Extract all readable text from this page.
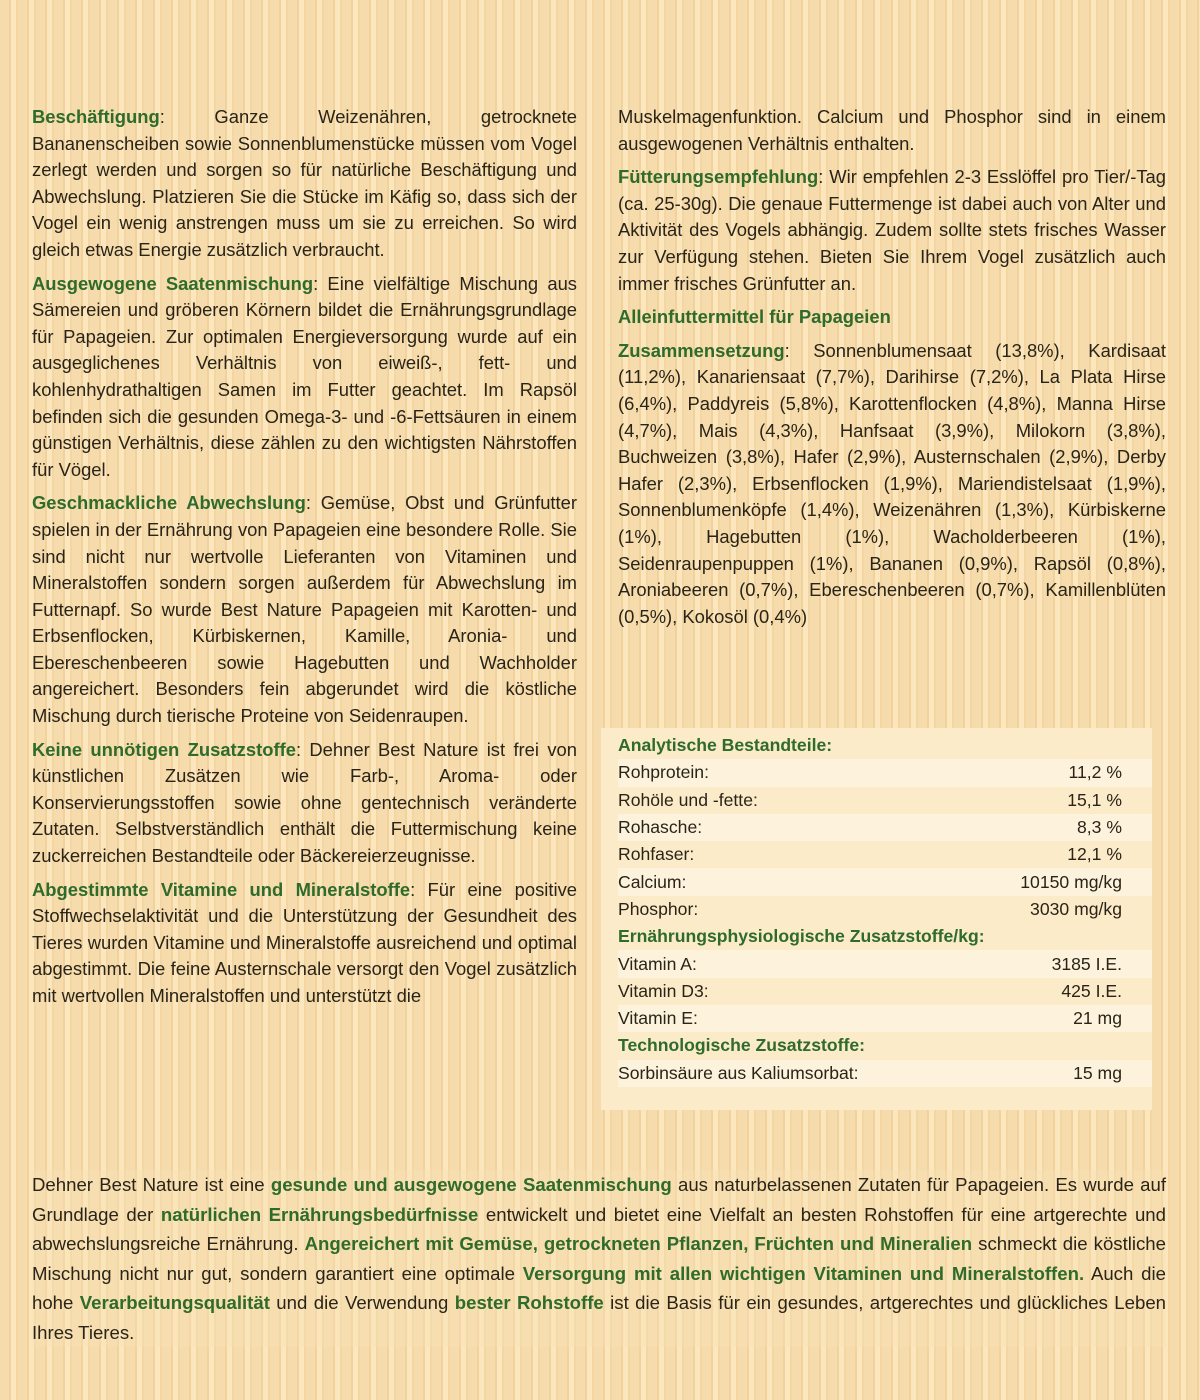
Beschäftigung: Ganze Weizenähren, getrocknete Bananenscheiben sowie Sonnenblumenstücke müssen vom Vogel zerlegt werden und sorgen so für natürliche Beschäftigung und Abwechslung. Platzieren Sie die Stücke im Käfig so, dass sich der Vogel ein wenig anstrengen muss um sie zu erreichen. So wird gleich etwas Energie zusätzlich verbraucht.

Ausgewogene Saatenmischung: Eine vielfältige Mischung aus Sämereien und gröberen Körnern bildet die Ernährungsgrundlage für Papageien. Zur optimalen Energieversorgung wurde auf ein ausgeglichenes Verhältnis von eiweiß-, fett- und kohlenhydrathaltigen Samen im Futter geachtet. Im Rapsöl befinden sich die gesunden Omega-3- und -6-Fettsäuren in einem günstigen Verhältnis, diese zählen zu den wichtigsten Nährstoffen für Vögel.

Geschmackliche Abwechslung: Gemüse, Obst und Grünfutter spielen in der Ernährung von Papageien eine besondere Rolle. Sie sind nicht nur wertvolle Lieferanten von Vitaminen und Mineralstoffen sondern sorgen außerdem für Abwechslung im Futternapf. So wurde Best Nature Papageien mit Karotten- und Erbsenflocken, Kürbiskernen, Kamille, Aronia- und Ebereschenbeeren sowie Hagebutten und Wachholder angereichert. Besonders fein abgerundet wird die köstliche Mischung durch tierische Proteine von Seidenraupen.

Keine unnötigen Zusatzstoffe: Dehner Best Nature ist frei von künstlichen Zusätzen wie Farb-, Aroma- oder Konservierungsstoffen sowie ohne gentechnisch veränderte Zutaten. Selbstverständlich enthält die Futtermischung keine zuckerreichen Bestandteile oder Bäckereierzeugnisse.

Abgestimmte Vitamine und Mineralstoffe: Für eine positive Stoffwechselaktivität und die Unterstützung der Gesundheit des Tieres wurden Vitamine und Mineralstoffe ausreichend und optimal abgestimmt. Die feine Austernschale versorgt den Vogel zusätzlich mit wertvollen Mineralstoffen und unterstützt die

Muskelmagenfunktion. Calcium und Phosphor sind in einem ausgewogenen Verhältnis enthalten.

Fütterungsempfehlung: Wir empfehlen 2-3 Esslöffel pro Tier/-Tag (ca. 25-30g). Die genaue Futtermenge ist dabei auch von Alter und Aktivität des Vogels abhängig. Zudem sollte stets frisches Wasser zur Verfügung stehen. Bieten Sie Ihrem Vogel zusätzlich auch immer frisches Grünfutter an.

Alleinfuttermittel für Papageien

Zusammensetzung: Sonnenblumensaat (13,8%), Kardisaat (11,2%), Kanariensaat (7,7%), Darihirse (7,2%), La Plata Hirse (6,4%), Paddyreis (5,8%), Karottenflocken (4,8%), Manna Hirse (4,7%), Mais (4,3%), Hanfsaat (3,9%), Milokorn (3,8%), Buchweizen (3,8%), Hafer (2,9%), Austernschalen (2,9%), Derby Hafer (2,3%), Erbsenflocken (1,9%), Mariendistelsaat (1,9%), Sonnenblumenköpfe (1,4%), Weizenähren (1,3%), Kürbiskerne (1%), Hagebutten (1%), Wacholderbeeren (1%), Seidenraupenpuppen (1%), Bananen (0,9%), Rapsöl (0,8%), Aroniabeeren (0,7%), Ebereschenbeeren (0,7%), Kamillenblüten (0,5%), Kokosöl (0,4%)

Analytische Bestandteile:	
Rohprotein:	11,2 %
Rohöle und -fette:	15,1 %
Rohasche:	8,3 %
Rohfaser:	12,1 %
Calcium:	10150 mg/kg
Phosphor:	3030 mg/kg
Ernährungsphysiologische Zusatzstoffe/kg:	
Vitamin A:	3185 I.E.
Vitamin D3:	425 I.E.
Vitamin E:	21 mg
Technologische Zusatzstoffe:	
Sorbinsäure aus Kaliumsorbat:	15 mg
Dehner Best Nature ist eine gesunde und ausgewogene Saatenmischung aus naturbelassenen Zutaten für Papageien. Es wurde auf Grundlage der natürlichen Ernährungsbedürfnisse entwickelt und bietet eine Vielfalt an besten Rohstoffen für eine artgerechte und abwechslungsreiche Ernährung. Angereichert mit Gemüse, getrockneten Pflanzen, Früchten und Mineralien schmeckt die köstliche Mischung nicht nur gut, sondern garantiert eine optimale Versorgung mit allen wichtigen Vitaminen und Mineralstoffen. Auch die hohe Verarbeitungsqualität und die Verwendung bester Rohstoffe ist die Basis für ein gesundes, artgerechtes und glückliches Leben Ihres Tieres.
